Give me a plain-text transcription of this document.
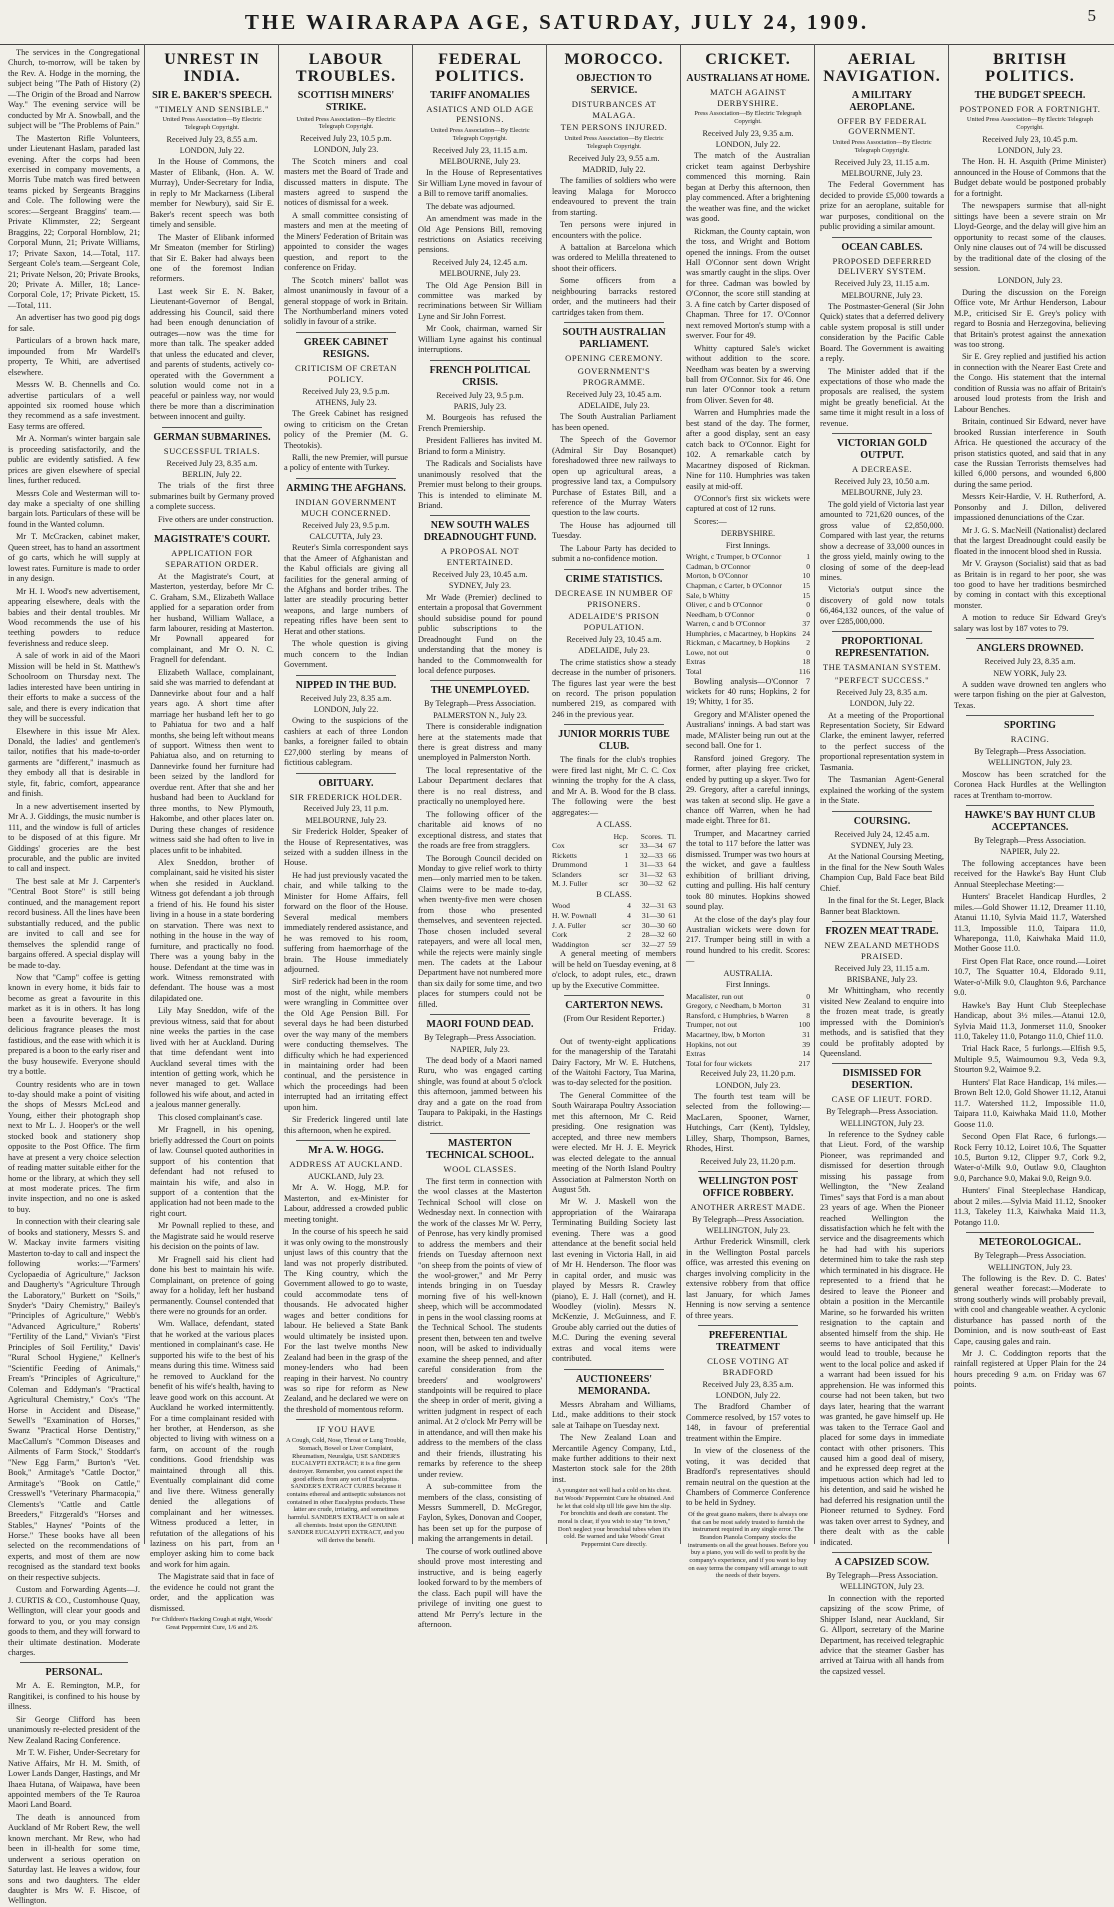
THE WAIRARAPA AGE, SATURDAY, JULY 24, 1909.	5

The services in the Congregational Church, to-morrow, will be taken by the Rev. A. Hodge in the morning, the subject being "The Path of History (2)—The Origin of the Broad and Narrow Way." The evening service will be conducted by Mr A. Snowball, and the subject will be "The Problems of Pain."

The Masterton Rifle Volunteers, under Lieutenant Haslam, paraded last evening. After the corps had been exercised in company movements, a Morris Tube match was fired between teams picked by Sergeants Braggins and Cole. The following were the scores:—Sergeant Braggins' team.—Private Klimmster, 22; Sergeant Braggins, 22; Corporal Hornblow, 21; Corporal Munn, 21; Private Williams, 17; Private Saxon, 14.—Total, 117. Sergeant Cole's team.—Sergeant Cole, 21; Private Nelson, 20; Private Brooks, 20; Private A. Miller, 18; Lance-Corporal Cole, 17; Private Pickett, 15.—Total, 111.

An advertiser has two good pig dogs for sale.

Particulars of a brown hack mare, impounded from Mr Wardell's property, Te Whiti, are advertised elsewhere.

Messrs W. B. Chennells and Co. advertise particulars of a well appointed six roomed house which they recommend as a safe investment. Easy terms are offered.

Mr A. Norman's winter bargain sale is proceeding satisfactorily, and the public are evidently satisfied. A few prices are given elsewhere of special lines, further reduced.

Messrs Cole and Westerman will to-day make a specialty of one shilling bargain lots. Particulars of these will be found in the Wanted column.

Mr T. McCracken, cabinet maker, Queen street, has to hand an assortment of go carts, which he will supply at lowest rates. Furniture is made to order in any design.

Mr H. I. Wood's new advertisement, appearing elsewhere, deals with the babies and their dental troubles. Mr Wood recommends the use of his teething powders to reduce feverishness and reduce sleep.

A sale of work in aid of the Maori Mission will be held in St. Matthew's Schoolroom on Thursday next. The ladies interested have been untiring in their efforts to make a success of the sale, and there is every indication that they will be successful.

Elsewhere in this issue Mr Alex. Donald, the ladies' and gentlemen's tailor, notifies that his made-to-order garments are "different," inasmuch as they embody all that is desirable in style, fit, fabric, comfort, appearance and finish.

In a new advertisement inserted by Mr A. J. Giddings, the music number is 111, and the window is full of articles to be disposed of at this figure. Mr Giddings' groceries are the best procurable, and the public are invited to call and inspect.

The best sale at Mr J. Carpenter's "Central Boot Store" is still being continued, and the management report record business. All the lines have been substantially reduced, and the public are invited to call and see for themselves the splendid range of bargains offered. A special display will be made to-day.

Now that "Camp" coffee is getting known in every home, it bids fair to become as great a favourite in this market as it is in others. It has long been a favourite beverage. It is delicious fragrance pleases the most fastidious, and the ease with which it is prepared is a boon to the early riser and the busy housewife. Everyone should try a bottle.

Country residents who are in town to-day should make a point of visiting the shops of Messrs McLeod and Young, either their photograph shop next to Mr L. J. Hooper's or the well stocked book and stationery shop opposite to the Post Office. The firm have at present a very choice selection of reading matter suitable either for the home or the library, at which they sell at most moderate prices. The firm invite inspection, and no one is asked to buy.

In connection with their clearing sale of books and stationery, Messrs S. and W. Mackay invite farmers visiting Masterton to-day to call and inspect the following works:—"Farmers' Cyclopaedia of Agriculture," Jackson and Daugherty's "Agriculture Through the Laboratory," Burkett on "Soils," Snyder's "Dairy Chemistry," Bailey's "Principles of Agriculture," Webb's "Advanced Agriculture," Roberts' "Fertility of the Land," Vivian's "First Principles of Soil Fertility," Davis' "Rural School Hygiene," Kellner's "Scientific Feeding of Animals," Fream's "Principles of Agriculture," Coleman and Eddyman's "Practical Agricultural Chemistry," Cox's "The Horse in Accident and Disease," Sewell's "Examination of Horses," Swanz "Practical Horse Dentistry," MacCallum's "Common Diseases and Ailments of Farm Stock," Stoddart's "New Egg Farm," Burton's "Vet. Book," Armitage's "Cattle Doctor," Armitage's "Book on Cattle," Cresswell's "Veterinary Pharmacopia," Clements's "Cattle and Cattle Breeders," Fitzgerald's "Horses and Stables," Haynes' "Points of the Horse." These books have all been selected on the recommendations of experts, and most of them are now recognised as the standard text books on their respective subjects.

Custom and Forwarding Agents—J. J. CURTIS & CO., Customhouse Quay, Wellington, will clear your goods and forward to you, or you may consign goods to them, and they will forward to their ultimate destination. Moderate charges.

PERSONAL.

Mr A. E. Remington, M.P., for Rangitikei, is confined to his house by illness.

Sir George Clifford has been unanimously re-elected president of the New Zealand Racing Conference.

Mr T. W. Fisher, Under-Secretary for Native Affairs, Mr H. M. Smith, of Lower Lands Danger, Hastings, and Mr Ihaea Hutana, of Waipawa, have been appointed members of the Te Rauroa Maori Land Board.

The death is announced from Auckland of Mr Robert Rew, the well known merchant. Mr Rew, who had been in ill-health for some time, underwent a serious operation on Saturday last. He leaves a widow, four sons and two daughters. The elder daughter is Mrs W. F. Hiscoe, of Wellington.

UNREST IN INDIA.
SIR E. BAKER'S SPEECH.
"TIMELY AND SENSIBLE."
United Press Association—By Electric Telegraph Copyright.
Received July 23, 8.55 a.m.
LONDON, July 22.

In the House of Commons, the Master of Elibank, (Hon. A. W. Murray), Under-Secretary for India, in reply to Mr Mackarness (Liberal member for Newbury), said Sir E. Baker's recent speech was both timely and sensible.

The Master of Elibank informed Mr Smeaton (member for Stirling) that Sir E. Baker had always been one of the foremost Indian reformers.

Last week Sir E. N. Baker, Lieutenant-Governor of Bengal, addressing his Council, said there had been enough denunciation of outrages—now was the time for more than talk. The speaker added that unless the educated and clever, and parents of students, actively co-operated with the Government a solution would come not in a peaceful or painless way, nor would there be more than a discrimination between innocent and guilty.

GERMAN SUBMARINES.
SUCCESSFUL TRIALS.
Received July 23, 8.35 a.m.
BERLIN, July 22.

The trials of the first three submarines built by Germany proved a complete success.

Five others are under construction.

MAGISTRATE'S COURT.
APPLICATION FOR SEPARATION ORDER.

At the Magistrate's Court, at Masterton, yesterday, before Mr C. C. Graham, S.M., Elizabeth Wallace applied for a separation order from her husband, William Wallace, a farm labourer, residing at Masterton. Mr Pownall appeared for complainant, and Mr O. N. C. Fragnell for defendant.

Elizabeth Wallace, complainant, said she was married to defendant at Dannevirke about four and a half years ago. A short time after marriage her husband left her to go to Pahiatua for two and a half months, she being left without means of support. Witness then went to Pahiatua also, and on returning to Dannevirke found her furniture had been seized by the landlord for overdue rent. After that she and her husband had been to Auckland for three months, to New Plymouth, Hakombe, and other places later on. During these changes of residence witness said she had often to live in places unfit to be inhabited.

Alex Sneddon, brother of complainant, said he visited his sister when she resided in Auckland. Witness got defendant a job through a friend of his. He found his sister living in a house in a state bordering on starvation. There was next to nothing in the house in the way of furniture, and practically no food. There was a young baby in the house. Defendant at the time was in work. Witness remonstrated with defendant. The house was a most dilapidated one.

Lily May Sneddon, wife of the previous witness, said that for about nine weeks the parties in the case lived with her at Auckland. During that time defendant went into Auckland several times with the intention of getting work, which he never managed to get. Wallace followed his wife about, and acted in a jealous manner generally.

This closed complainant's case.

Mr Fragnell, in his opening, briefly addressed the Court on points of law. Counsel quoted authorities in support of his contention that defendant had not refused to maintain his wife, and also in support of a contention that the application had not been made to the right court.

Mr Pownall replied to these, and the Magistrate said he would reserve his decision on the points of law.

Mr Fragnell said his client had done his best to maintain his wife. Complainant, on pretence of going away for a holiday, left her husband permanently. Counsel contended that there were no grounds for an order.

Wm. Wallace, defendant, stated that he worked at the various places mentioned in complainant's case. He supported his wife to the best of his means during this time. Witness said he removed to Auckland for the benefit of his wife's health, having to leave good work on this account. At Auckland he worked intermittently. For a time complainant resided with her brother, at Henderson, as she objected to living with witness on a farm, on account of the rough conditions. Good friendship was maintained through all this. Eventually complainant did come and live there. Witness generally denied the allegations of complainant and her witnesses. Witness produced a letter, in refutation of the allegations of his laziness on his part, from an employer asking him to come back and work for him again.

The Magistrate said that in face of the evidence he could not grant the order, and the application was dismissed.

For Children's Hacking Cough at night, Woods' Great Peppermint Cure, 1/6 and 2/6.
LABOUR TROUBLES.
SCOTTISH MINERS' STRIKE.
United Press Association—By Electric Telegraph Copyright.
Received July 23, 10.5 p.m.
LONDON, July 23.

The Scotch miners and coal masters met the Board of Trade and discussed matters in dispute. The masters agreed to suspend the notices of dismissal for a week.

A small committee consisting of masters and men at the meeting of the Miners' Federation of Britain was appointed to consider the wages question, and report to the conference on Friday.

The Scotch miners' ballot was almost unanimously in favour of a general stoppage of work in Britain. The Northumberland miners voted solidly in favour of a strike.

GREEK CABINET RESIGNS.
CRITICISM OF CRETAN POLICY.
Received July 23, 9.5 p.m.
ATHENS, July 23.

The Greek Cabinet has resigned owing to criticism on the Cretan policy of the Premier (M. G. Theotokis).

Ralli, the new Premier, will pursue a policy of entente with Turkey.

ARMING THE AFGHANS.
INDIAN GOVERNMENT MUCH CONCERNED.
Received July 23, 9.5 p.m.
CALCUTTA, July 23.

Reuter's Simla correspondent says that the Ameer of Afghanistan and the Kabul officials are giving all facilities for the general arming of the Afghans and border tribes. The latter are steadily procuring better weapons, and large numbers of repeating rifles have been sent to Herat and other stations.

The whole question is giving much concern to the Indian Government.

NIPPED IN THE BUD.
Received July 23, 8.35 a.m.
LONDON, July 22.

Owing to the suspicions of the cashiers at each of three London banks, a foreigner failed to obtain £27,000 sterling by means of fictitious cablegram.

OBITUARY.
SIR FREDERICK HOLDER.
Received July 23, 11 p.m.
MELBOURNE, July 23.

Sir Frederick Holder, Speaker of the House of Representatives, was seized with a sudden illness in the House.

He had just previously vacated the chair, and while talking to the Minister for Home Affairs, fell forward on the floor of the House. Several medical members immediately rendered assistance, and he was removed to his room, suffering from haemorrhage of the brain. The House immediately adjourned.

SirF rederick had been in the room most of the night, while members were wrangling in Committee over the Old Age Pension Bill. For several days he had been disturbed over the way many of the members were conducting themselves. The difficulty which he had experienced in maintaining order had been continual, and the persistence in which the proceedings had been interrupted had an irritating effect upon him.

Sir Frederick lingered until late this afternoon, when he expired.

Mr A. W. HOGG.
ADDRESS AT AUCKLAND.
AUCKLAND, July 23.

Mr A. W. Hogg, M.P. for Masterton, and ex-Minister for Labour, addressed a crowded public meeting tonight.

In the course of his speech he said it was only owing to the monstrously unjust laws of this country that the land was not properly distributed. The King country, which the Government allowed to go to waste, could accommodate tens of thousands. He advocated higher wages and better conditions for labour. He believed a State Bank would ultimately be insisted upon. For the last twelve months New Zealand had been in the grasp of the money-lenders who had been reaping in their harvest. No country was so ripe for reform as New Zealand, and he declared we were on the threshold of momentous reform.

IF YOU HAVE
A Cough, Cold, Nose, Throat or Lung Trouble, Stomach, Bowel or Liver Complaint, Rheumatism, Neuralgia, USE SANDER'S EUCALYPTI EXTRACT; it is a fine germ destroyer. Remember, you cannot expect the good effects from any sort of Eucalyptus. SANDER'S EXTRACT CURES because it contains ethereal and antiseptic substances not contained in other Eucalyptus products. These latter are crude, irritating, and sometimes harmful. SANDER'S EXTRACT is on sale at all chemists. Insist upon the GENUINE SANDER EUCALYPTI EXTRACT, and you will derive the benefit.
FEDERAL POLITICS.
TARIFF ANOMALIES
ASIATICS AND OLD AGE PENSIONS.
United Press Association—By Electric Telegraph Copyright.
Received July 23, 11.15 a.m.
MELBOURNE, July 23.

In the House of Representatives Sir William Lyne moved in favour of a Bill to remove tariff anomalies.

The debate was adjourned.

An amendment was made in the Old Age Pensions Bill, removing restrictions on Asiatics receiving pensions.

Received July 24, 12.45 a.m.
MELBOURNE, July 23.

The Old Age Pension Bill in committee was marked by recriminations between Sir William Lyne and Sir John Forrest.

Mr Cook, chairman, warned Sir William Lyne against his continual interruptions.

FRENCH POLITICAL CRISIS.
Received July 23, 9.5 p.m.
PARIS, July 23.

M. Bourgeois has refused the French Premiership.

President Fallieres has invited M. Briand to form a Ministry.

The Radicals and Socialists have unanimously resolved that the Premier must belong to their groups. This is intended to eliminate M. Briand.

NEW SOUTH WALES DREADNOUGHT FUND.
A PROPOSAL NOT ENTERTAINED.
Received July 23, 10.45 a.m.
SYDNEY, July 23.

Mr Wade (Premier) declined to entertain a proposal that Government should subsidise pound for pound public subscriptions to the Dreadnought Fund on the understanding that the money is handed to the Commonwealth for local defence purposes.

THE UNEMPLOYED.
By Telegraph—Press Association.
PALMERSTON N., July 23.

There is considerable indignation here at the statements made that there is great distress and many unemployed in Palmerston North.

The local representative of the Labour Department declares that there is no real distress, and practically no unemployed here.

The following officer of the charitable aid knows of no exceptional distress, and states that the roads are free from stragglers.

The Borough Council decided on Monday to give relief work to thirty men—only married men to be taken. Claims were to be made to-day, when twenty-five men were chosen from those who presented themselves, and seventeen rejected. Those chosen included several ratepayers, and were all local men, while the rejects were mainly single men. The cadets at the Labour Department have not numbered more than six daily for some time, and two places for stumpers could not be filled.

MAORI FOUND DEAD.
By Telegraph—Press Association.
NAPIER, July 23.

The dead body of a Maori named Ruru, who was engaged carting shingle, was found at about 5 o'clock this afternoon, jammed between his dray and a gate on the road from Taupara to Pakipaki, in the Hastings district.

MASTERTON TECHNICAL SCHOOL.
WOOL CLASSES.

The first term in connection with the wool classes at the Masterton Technical School will close on Wednesday next. In connection with the work of the classes Mr W. Perry, of Penrose, has very kindly promised to address the members and their friends on Tuesday afternoon next "on sheep from the points of view of the wool-grower," and Mr Perry intends bringing in on Tuesday morning five of his well-known sheep, which will be accommodated in pens in the wool classing rooms at the Technical School. The students present then, between ten and twelve noon, will be asked to individually examine the sheep penned, and after careful consideration from the breeders' and woolgrowers' standpoints will be required to place the sheep in order of merit, giving a written judgment in respect of each animal. At 2 o'clock Mr Perry will be in attendance, and will then make his address to the members of the class and their friends, illustrating his remarks by reference to the sheep under review.

A sub-committee from the members of the class, consisting of Messrs Summerell, D. McGregor, Faylon, Sykes, Donovan and Cooper, has been set up for the purpose of making the arrangements in detail.

The course of work outlined above should prove most interesting and instructive, and is being eagerly looked forward to by the members of the class. Each pupil will have the privilege of inviting one guest to attend Mr Perry's lecture in the afternoon.

MOROCCO.
OBJECTION TO SERVICE.
DISTURBANCES AT MALAGA.
TEN PERSONS INJURED.
United Press Association—By Electric Telegraph Copyright.
Received July 23, 9.55 a.m.
MADRID, July 22.

The families of soldiers who were leaving Malaga for Morocco endeavoured to prevent the train from starting.

Ten persons were injured in encounters with the police.

A battalion at Barcelona which was ordered to Melilla threatened to shoot their officers.

Some officers from a neighbouring barracks restored order, and the mutineers had their cartridges taken from them.

SOUTH AUSTRALIAN PARLIAMENT.
OPENING CEREMONY.
GOVERNMENT'S PROGRAMME.
Received July 23, 10.45 a.m.
ADELAIDE, July 23.

The South Australian Parliament has been opened.

The Speech of the Governor (Admiral Sir Day Bosanquet) foreshadowed three new railways to open up agricultural areas, a progressive land tax, a Compulsory Purchase of Estates Bill, and a reference of the Murray Waters question to the law courts.

The House has adjourned till Tuesday.

The Labour Party has decided to submit a no-confidence motion.

CRIME STATISTICS.
DECREASE IN NUMBER OF PRISONERS.
ADELAIDE'S PRISON POPULATION.
Received July 23, 10.45 a.m.
ADELAIDE, July 23.

The crime statistics show a steady decrease in the number of prisoners. The figures last year were the best on record. The prison population numbered 219, as compared with 246 in the previous year.

JUNIOR MORRIS TUBE CLUB.

The finals for the club's trophies were fired last night, Mr C. C. Cox winning the trophy for the A class, and Mr A. B. Wood for the B class. The following were the best aggregates:—

A CLASS.
	Hcp.	Scores.	Tl.
Cox	scr	33—34	67
Ricketts	1	32—33	66
Drummond	1	31—33	64
Sclanders	scr	31—32	63
M. J. Fuller	scr	30—32	62
B CLASS.
Wood	4	32—31	63
H. W. Pownall	4	31—30	61
J. A. Fuller	scr	30—30	60
Cork	2	28—32	60
Waddington	scr	32—27	59

A general meeting of members will be held on Tuesday evening, at 8 o'clock, to adopt rules, etc., drawn up by the Executive Committee.

CARTERTON NEWS.
(From Our Resident Reporter.)
Friday.

Out of twenty-eight applications for the managership of the Taratahi Dairy Factory, Mr W. E. Hutchens, of the Waitohi Factory, Tua Marina, was to-day selected for the position.

The General Committee of the South Wairarapa Poultry Association met this afternoon, Mr C. Reid presiding. One resignation was accepted, and three new members were elected. Mr H. J. E. Meyrick was elected delegate to the annual meeting of the North Island Poultry Association at Palmerston North on August 5th.

Mr W. J. Maskell won the appropriation of the Wairarapa Terminating Building Society last evening. There was a good attendance at the benefit social held last evening in Victoria Hall, in aid of Mr H. Henderson. The floor was in capital order, and music was played by Messrs R. Crawley (piano), E. J. Hall (cornet), and H. Woodley (violin). Messrs N. McKenzie, J. McGuinness, and F. Groube ably carried out the duties of M.C. During the evening several extras and vocal items were contributed.

AUCTIONEERS' MEMORANDA.

Messrs Abraham and Williams, Ltd., make additions to their stock sale at Taihape on Tuesday next.

The New Zealand Loan and Mercantile Agency Company, Ltd., make further additions to their next Masterton stock sale for the 28th inst.

A youngster not well had a cold on his chest. But Woods' Peppermint Cure he obtained. And he let that cold slip till life gave him the slip. For bronchitis and death are constant. The moral is clear, if you wish to stay "in town," Don't neglect your bronchial tubes when it's cold. Be warned and take Woods' Great Peppermint Cure directly.
CRICKET.
AUSTRALIANS AT HOME.
MATCH AGAINST DERBYSHIRE.
Press Association—By Electric Telegraph Copyright.
Received July 23, 9.35 a.m.
LONDON, July 22.

The match of the Australian cricket team against Derbyshire commenced this morning. Rain began at Derby this afternoon, then play commenced. After a brightening the weather was fine, and the wicket was good.

Rickman, the County captain, won the toss, and Wright and Bottom opened the innings. From the outset Hall O'Connor sent down Wright was smartly caught in the slips. Over for three. Cadman was bowled by O'Connor, the score still standing at 3. A fine catch by Carter disposed of Chapman. Three for 17. O'Connor next removed Morton's stump with a swerver. Four for 49.

Whitty captured Sale's wicket without addition to the score. Needham was beaten by a swerving ball from O'Connor. Six for 46. One run later O'Connor took a return from Oliver. Seven for 48.

Warren and Humphries made the best stand of the day. The former, after a good display, sent an easy catch back to O'Connor. Eight for 102. A remarkable catch by Macartney disposed of Rickman. Nine for 110. Humphries was taken easily at mid-off.

O'Connor's first six wickets were captured at cost of 12 runs.

Scores:—

DERBYSHIRE.
First Innings.
Wright, c Trumper, b O'Connor	1
Cadman, b O'Connor	0
Morton, b O'Connor	10
Chapman, c Carter, b O'Connor	15
Sale, b Whitty	15
Oliver, c and b O'Connor	0
Needham, b O'Connor	0
Warren, c and b O'Connor	37
Humphries, c Macartney, b Hopkins	24
Rickman, c Macartney, b Hopkins	2
Lowe, not out	0
Extras	18
Total	116

Bowling analysis—O'Connor 7 wickets for 40 runs; Hopkins, 2 for 19; Whitty, 1 for 35.

Gregory and M'Alister opened the Australians' innings. A bad start was made, M'Alister being run out at the second ball. One for 1.

Ransford joined Gregory. The former, after playing free cricket, ended by putting up a skyer. Two for 29. Gregory, after a careful innings, was taken at second slip. He gave a chance off Warren, when he had made eight. Three for 81.

Trumper, and Macartney carried the total to 117 before the latter was dismissed. Trumper was two hours at the wicket, and gave a faultless exhibition of brilliant driving, cutting and pulling. His half century took 80 minutes. Hopkins showed sound play.

At the close of the day's play four Australian wickets were down for 217. Trumper being still in with a round hundred to his credit. Scores:—

AUSTRALIA.
First Innings.
Macalister, run out	0
Gregory, c Needham, b Morton	31
Ransford, c Humphries, b Warren	8
Trumper, not out	100
Macartney, lbw, b Morton	31
Hopkins, not out	39
Extras	14
Total for four wickets	217
Received July 23, 11.20 p.m.
LONDON, July 23.

The fourth test team will be selected from the following:—MacLaren, Spooner, Warner, Hutchings, Carr (Kent), Tyldsley, Lilley, Sharp, Thompson, Barnes, Rhodes, Hirst.

Received July 23, 11.20 p.m.
WELLINGTON POST OFFICE ROBBERY.
ANOTHER ARREST MADE.
By Telegraph—Press Association.
WELLINGTON, July 23.

Arthur Frederick Winsmill, clerk in the Wellington Postal parcels office, was arrested this evening on charges involving complicity in the extensive robbery from that office last January, for which James Henning is now serving a sentence of three years.

PREFERENTIAL TREATMENT
CLOSE VOTING AT BRADFORD
Received July 23, 8.35 a.m.
LONDON, July 22.

The Bradford Chamber of Commerce resolved, by 157 votes to 148, in favour of preferential treatment within the Empire.

In view of the closeness of the voting, it was decided that Bradford's representatives should remain neutral on the question at the Chambers of Commerce Conference to be held in Sydney.

Of the great guano makers, there is always one that can be most safely trusted to furnish the instrument required in any single error. The Brandon Pianola Company stocks the instruments on all the great houses. Before you buy a piano, you will do well to profit by the company's experience, and if you want to buy on easy terms the company will arrange to suit the needs of their buyers.
AERIAL NAVIGATION.
A MILITARY AEROPLANE.
OFFER BY FEDERAL GOVERNMENT.
United Press Association—By Electric Telegraph Copyright.
Received July 23, 11.15 a.m.
MELBOURNE, July 23.

The Federal Government has decided to provide £5,000 towards a prize for an aeroplane, suitable for war purposes, conditional on the public providing a similar amount.

OCEAN CABLES.
PROPOSED DEFERRED DELIVERY SYSTEM.
Received July 23, 11.15 a.m.
MELBOURNE, July 23.

The Postmaster-General (Sir John Quick) states that a deferred delivery cable system proposal is still under consideration by the Pacific Cable Board. The Government is awaiting a reply.

The Minister added that if the expectations of those who made the proposals are realised, the system might be greatly beneficial. At the same time it might result in a loss of revenue.

VICTORIAN GOLD OUTPUT.
A DECREASE.
Received July 23, 10.50 a.m.
MELBOURNE, July 23.

The gold yield of Victoria last year amounted to 721,620 ounces, of the gross value of £2,850,000. Compared with last year, the returns show a decrease of 33,000 ounces in the gross yield, mainly owing to the closing of some of the deep-lead mines.

Victoria's output since the discovery of gold now totals 66,464,132 ounces, of the value of over £285,000,000.

PROPORTIONAL REPRESENTATION.
THE TASMANIAN SYSTEM.
"PERFECT SUCCESS."
Received July 23, 8.35 a.m.
LONDON, July 22.

At a meeting of the Proportional Representation Society, Sir Edward Clarke, the eminent lawyer, referred to the perfect success of the proportional representation system in Tasmania.

The Tasmanian Agent-General explained the working of the system in the State.

COURSING.
Received July 24, 12.45 a.m.
SYDNEY, July 23.

At the National Coursing Meeting, in the final for the New South Wales Champion Cup, Bald Face beat Bild Chief.

In the final for the St. Leger, Black Banner beat Blacktown.

FROZEN MEAT TRADE.
NEW ZEALAND METHODS PRAISED.
Received July 23, 11.15 a.m.
BRISBANE, July 23.

Mr Whittingham, who recently visited New Zealand to enquire into the frozen meat trade, is greatly impressed with the Dominion's methods, and is satisfied that they could be profitably adopted by Queensland.

DISMISSED FOR DESERTION.
CASE OF LIEUT. FORD.
By Telegraph—Press Association.
WELLINGTON, July 23.

In reference to the Sydney cable that Lieut. Ford, of the warship Pioneer, was reprimanded and dismissed for desertion through missing his passage from Wellington, the "New Zealand Times" says that Ford is a man about 23 years of age. When the Pioneer reached Wellington the dissatisfaction which he felt with the service and the disagreements which he had had with his superiors determined him to take the rash step which terminated in his disgrace. He represented to a friend that he desired to leave the Pioneer and obtain a position in the Mercantile Marine, so he forwarded his written resignation to the captain and absented himself from the ship. He seems to have anticipated that this would lead to trouble, because he went to the local police and asked if a warrant had been issued for his apprehension. He was informed this course had not been taken, but two days later, hearing that the warrant was granted, he gave himself up. He was taken to the Terrace Gaol and placed for some days in immediate contact with other prisoners. This caused him a good deal of misery, and he expressed deep regret at the impetuous action which had led to his detention, and said he wished he had deferred his resignation until the Pioneer returned to Sydney. Ford was taken over arrest to Sydney, and there dealt with as the cable indicated.

A CAPSIZED SCOW.
By Telegraph—Press Association.
WELLINGTON, July 23.

In connection with the reported capsizing of the scow Prime, of Shipper Island, near Auckland, Sir G. Allport, secretary of the Marine Department, has received telegraphic advice that the steamer Gasber has arrived at Tairua with all hands from the capsized vessel.

BRITISH POLITICS.
THE BUDGET SPEECH.
POSTPONED FOR A FORTNIGHT.
United Press Association—By Electric Telegraph Copyright.
Received July 23, 10.45 p.m.
LONDON, July 23.

The Hon. H. H. Asquith (Prime Minister) announced in the House of Commons that the Budget debate would be postponed probably for a fortnight.

The newspapers surmise that all-night sittings have been a severe strain on Mr Lloyd-George, and the delay will give him an opportunity to recast some of the clauses. Only nine clauses out of 74 will be discussed by the traditional date of the closing of the session.

LONDON, July 23.

During the discussion on the Foreign Office vote, Mr Arthur Henderson, Labour M.P., criticised Sir E. Grey's policy with regard to Bosnia and Herzegovina, believing that Britain's protest against the annexation was too strong.

Sir E. Grey replied and justified his action in connection with the Nearer East Crete and the Congo. His statement that the internal condition of Russia was no affair of Britain's aroused loud protests from the Irish and Labour Benches.

Britain, continued Sir Edward, never have brooked Russian interference in South Africa. He questioned the accuracy of the prison statistics quoted, and said that in any case the Russian Terrorists themselves had killed 6,000 persons, and wounded 6,800 during the same period.

Messrs Keir-Hardie, V. H. Rutherford, A. Ponsonby and J. Dillon, delivered impassioned denunciations of the Czar.

Mr J. G. S. MacNeill (Nationalist) declared that the largest Dreadnought could easily be floated in the innocent blood shed in Russia.

Mr V. Grayson (Socialist) said that as bad as Britain is in regard to her poor, she was too good to have her traditions besmirched by coming in contact with this exceptional monster.

A motion to reduce Sir Edward Grey's salary was lost by 187 votes to 79.

ANGLERS DROWNED.
Received July 23, 8.35 a.m.
NEW YORK, July 23.

A sudden wave drowned ten anglers who were tarpon fishing on the pier at Galveston, Texas.

SPORTING
RACING.
By Telegraph—Press Association.
WELLINGTON, July 23.

Moscow has been scratched for the Coronea Hack Hurdles at the Wellington races at Trentham to-morrow.

HAWKE'S BAY HUNT CLUB ACCEPTANCES.
By Telegraph—Press Association.
NAPIER, July 22.

The following acceptances have been received for the Hawke's Bay Hunt Club Annual Steeplechase Meeting:—

Hunters' Bracelet Handicap Hurdles, 2 miles.—Gold Shower 11.12, Dreamer 11.10, Atanui 11.10, Sylvia Maid 11.7, Watershed 11.3, Impossible 11.0, Taipara 11.0, Whareponga, 11.0, Kaiwhaka Maid 11.0, Mother Goose 11.0.

First Open Flat Race, once round.—Loiret 10.7, The Squatter 10.4, Eldorado 9.11, Water-o'-Milk 9.0, Claughton 9.6, Parchance 9.0.

Hawke's Bay Hunt Club Steeplechase Handicap, about 3½ miles.—Atanui 12.0, Sylvia Maid 11.3, Jonmerset 11.0, Snooker 11.0, Takeley 11.0, Potango 11.0, Chief 11.0.

Trial Hack Race, 5 furlongs.—Elfish 9.5, Multiple 9.5, Waimoumou 9.3, Veda 9.3, Stourton 9.2, Waimoe 9.2.

Hunters' Flat Race Handicap, 1¼ miles.—Brown Belt 12.0, Gold Shower 11.12, Atanui 11.7. Watershed 11.2, Impossible 11.0, Taipara 11.0, Kaiwhaka Maid 11.0, Mother Goose 11.0.

Second Open Flat Race, 6 furlongs.—Rock Ferry 10.12, Loiret 10.6, The Squatter 10.5, Burton 9.12, Clipper 9.7, Cork 9.2, Water-o'-Milk 9.0, Outlaw 9.0, Claughton 9.0, Parchance 9.0, Makai 9.0, Reign 9.0.

Hunters' Final Steeplechase Handicap, about 2 miles.—Sylvia Maid 11.12, Snooker 11.3, Takeley 11.3, Kaiwhaka Maid 11.3, Potango 11.0.

METEOROLOGICAL.
By Telegraph—Press Association.
WELLINGTON, July 23.

The following is the Rev. D. C. Bates' general weather forecast:—Moderate to strong southerly winds will probably prevail, with cool and changeable weather. A cyclonic disturbance has passed north of the Dominion, and is now south-east of East Cape, causing gales and rain.

Mr J. C. Coddington reports that the rainfall registered at Upper Plain for the 24 hours preceding 9 a.m. on Friday was 67 points.
